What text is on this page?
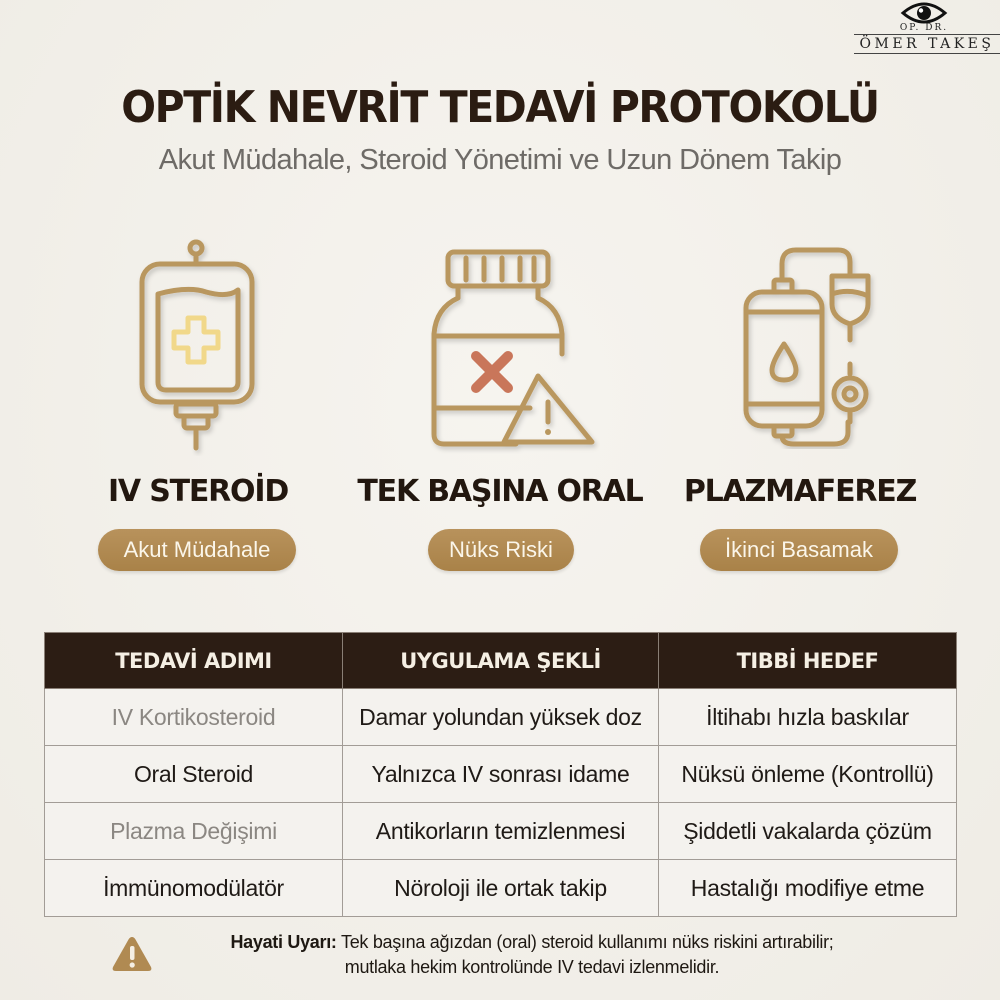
OP. DR.
ÖMER TAKEŞ
OPTİK NEVRİT TEDAVİ PROTOKOLÜ
Akut Müdahale, Steroid Yönetimi ve Uzun Dönem Takip
IV STEROİD
Akut Müdahale
TEK BAŞINA ORAL
Nüks Riski
PLAZMAFEREZ
İkinci Basamak
TEDAVİ ADIMI	UYGULAMA ŞEKLİ	TIBBİ HEDEF
IV Kortikosteroid	Damar yolundan yüksek doz	İltihabı hızla baskılar
Oral Steroid	Yalnızca IV sonrası idame	Nüksü önleme (Kontrollü)
Plazma Değişimi	Antikorların temizlenmesi	Şiddetli vakalarda çözüm
İmmünomodülatör	Nöroloji ile ortak takip	Hastalığı modifiye etme
Hayati Uyarı: Tek başına ağızdan (oral) steroid kullanımı nüks riskini artırabilir;
mutlaka hekim kontrolünde IV tedavi izlenmelidir.
